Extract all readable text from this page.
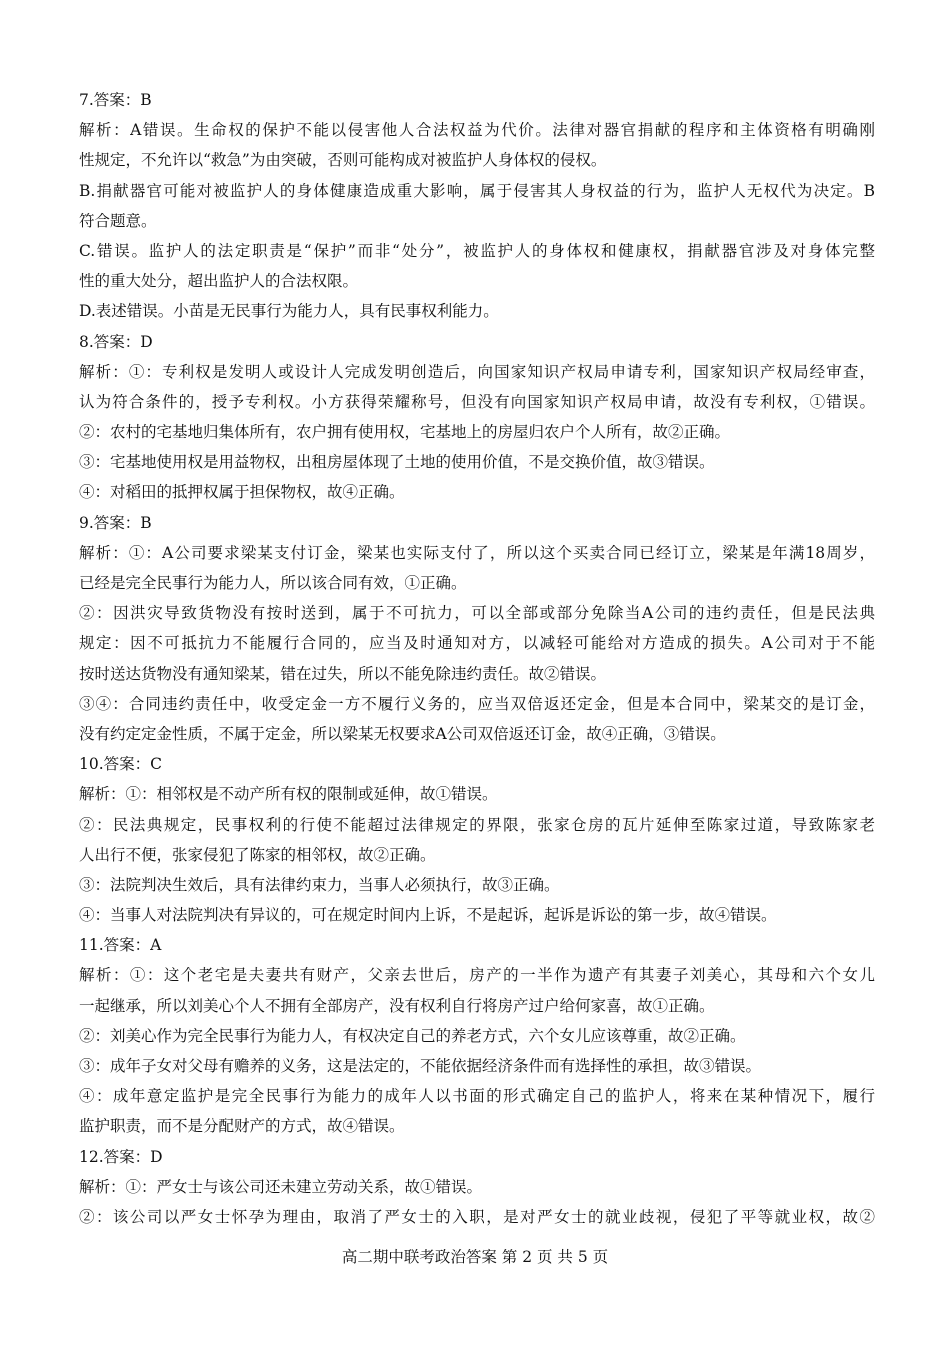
7.答案：B
解析：A错误。生命权的保护不能以侵害他人合法权益为代价。法律对器官捐献的程序和主体资格有明确刚
性规定，不允许以“救急”为由突破，否则可能构成对被监护人身体权的侵权。
B.捐献器官可能对被监护人的身体健康造成重大影响，属于侵害其人身权益的行为，监护人无权代为决定。B
符合题意。
C.错误。监护人的法定职责是“保护”而非“处分”，被监护人的身体权和健康权，捐献器官涉及对身体完整
性的重大处分，超出监护人的合法权限。
D.表述错误。小苗是无民事行为能力人，具有民事权利能力。
8.答案：D
解析：①：专利权是发明人或设计人完成发明创造后，向国家知识产权局申请专利，国家知识产权局经审查，
认为符合条件的，授予专利权。小方获得荣耀称号，但没有向国家知识产权局申请，故没有专利权，①错误。
②：农村的宅基地归集体所有，农户拥有使用权，宅基地上的房屋归农户个人所有，故②正确。
③：宅基地使用权是用益物权，出租房屋体现了土地的使用价值，不是交换价值，故③错误。
④：对稻田的抵押权属于担保物权，故④正确。
9.答案：B
解析：①：A公司要求梁某支付订金，梁某也实际支付了，所以这个买卖合同已经订立，梁某是年满18周岁，
已经是完全民事行为能力人，所以该合同有效，①正确。
②：因洪灾导致货物没有按时送到，属于不可抗力，可以全部或部分免除当A公司的违约责任，但是民法典
规定：因不可抵抗力不能履行合同的，应当及时通知对方，以减轻可能给对方造成的损失。A公司对于不能
按时送达货物没有通知梁某，错在过失，所以不能免除违约责任。故②错误。
③④：合同违约责任中，收受定金一方不履行义务的，应当双倍返还定金，但是本合同中，梁某交的是订金，
没有约定定金性质，不属于定金，所以梁某无权要求A公司双倍返还订金，故④正确，③错误。
10.答案：C
解析：①：相邻权是不动产所有权的限制或延伸，故①错误。
②：民法典规定，民事权利的行使不能超过法律规定的界限，张家仓房的瓦片延伸至陈家过道，导致陈家老
人出行不便，张家侵犯了陈家的相邻权，故②正确。
③：法院判决生效后，具有法律约束力，当事人必须执行，故③正确。
④：当事人对法院判决有异议的，可在规定时间内上诉，不是起诉，起诉是诉讼的第一步，故④错误。
11.答案：A
解析：①：这个老宅是夫妻共有财产，父亲去世后，房产的一半作为遗产有其妻子刘美心，其母和六个女儿
一起继承，所以刘美心个人不拥有全部房产，没有权利自行将房产过户给何家喜，故①正确。
②：刘美心作为完全民事行为能力人，有权决定自己的养老方式，六个女儿应该尊重，故②正确。
③：成年子女对父母有赡养的义务，这是法定的，不能依据经济条件而有选择性的承担，故③错误。
④：成年意定监护是完全民事行为能力的成年人以书面的形式确定自己的监护人，将来在某种情况下，履行
监护职责，而不是分配财产的方式，故④错误。
12.答案：D
解析：①：严女士与该公司还未建立劳动关系，故①错误。
②：该公司以严女士怀孕为理由，取消了严女士的入职，是对严女士的就业歧视，侵犯了平等就业权，故②
高二期中联考政治答案 第 2 页 共 5 页
